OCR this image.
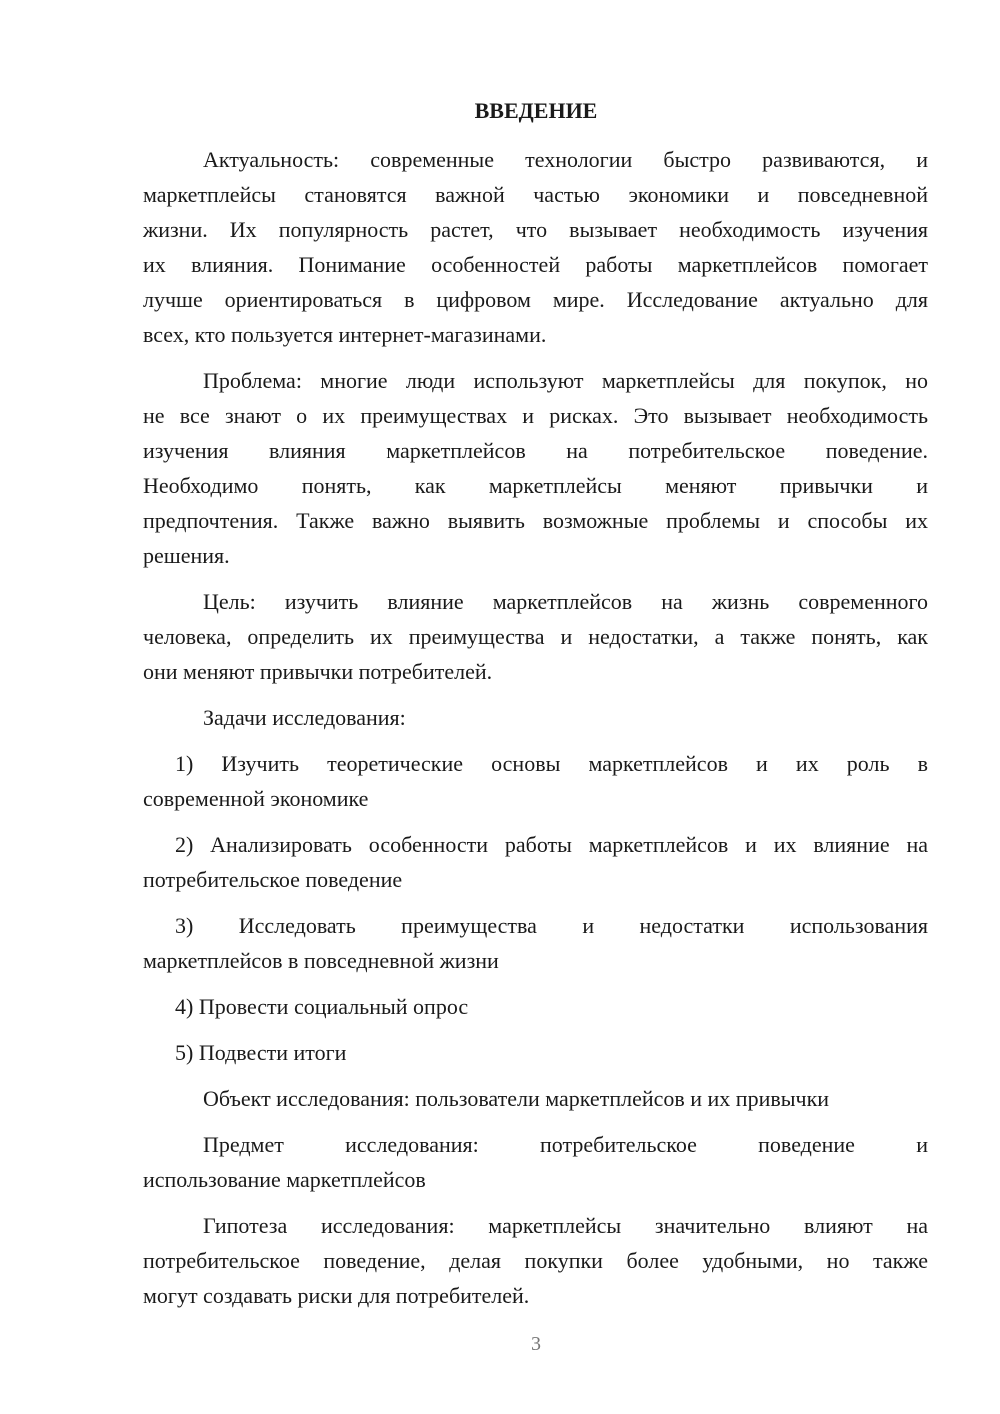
ВВЕДЕНИЕ
Актуальность: современные технологии быстро развиваются, и
маркетплейсы становятся важной частью экономики и повседневной
жизни. Их популярность растет, что вызывает необходимость изучения
их влияния. Понимание особенностей работы маркетплейсов помогает
лучше ориентироваться в цифровом мире. Исследование актуально для
всех, кто пользуется интернет-магазинами.
Проблема: многие люди используют маркетплейсы для покупок, но
не все знают о их преимуществах и рисках. Это вызывает необходимость
изучения влияния маркетплейсов на потребительское поведение.
Необходимо понять, как маркетплейсы меняют привычки и
предпочтения. Также важно выявить возможные проблемы и способы их
решения.
Цель: изучить влияние маркетплейсов на жизнь современного
человека, определить их преимущества и недостатки, а также понять, как
они меняют привычки потребителей.
Задачи исследования:
1) Изучить теоретические основы маркетплейсов и их роль в
современной экономике
2) Анализировать особенности работы маркетплейсов и их влияние на
потребительское поведение
3) Исследовать преимущества и недостатки использования
маркетплейсов в повседневной жизни
4) Провести социальный опрос
5) Подвести итоги
Объект исследования: пользователи маркетплейсов и их привычки
Предмет исследования: потребительское поведение и
использование маркетплейсов
Гипотеза исследования: маркетплейсы значительно влияют на
потребительское поведение, делая покупки более удобными, но также
могут создавать риски для потребителей.
3
